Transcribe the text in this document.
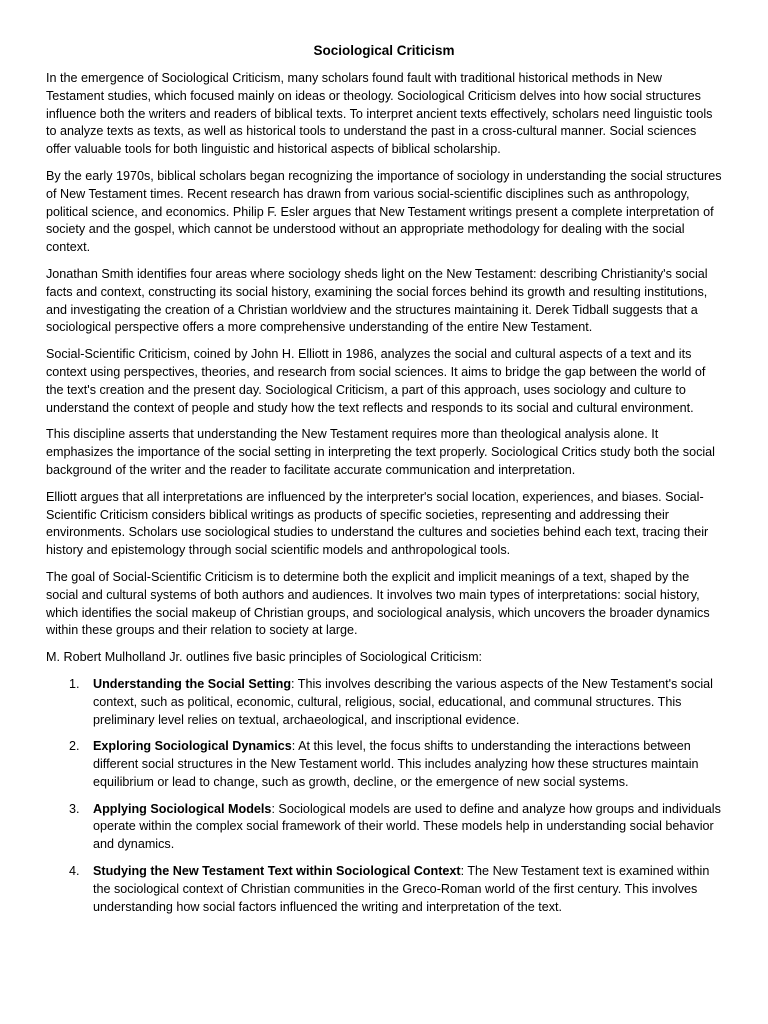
Sociological Criticism

In the emergence of Sociological Criticism, many scholars found fault with traditional historical methods in New Testament studies, which focused mainly on ideas or theology. Sociological Criticism delves into how social structures influence both the writers and readers of biblical texts. To interpret ancient texts effectively, scholars need linguistic tools to analyze texts as texts, as well as historical tools to understand the past in a cross-cultural manner. Social sciences offer valuable tools for both linguistic and historical aspects of biblical scholarship.

By the early 1970s, biblical scholars began recognizing the importance of sociology in understanding the social structures of New Testament times. Recent research has drawn from various social-scientific disciplines such as anthropology, political science, and economics. Philip F. Esler argues that New Testament writings present a complete interpretation of society and the gospel, which cannot be understood without an appropriate methodology for dealing with the social context.

Jonathan Smith identifies four areas where sociology sheds light on the New Testament: describing Christianity's social facts and context, constructing its social history, examining the social forces behind its growth and resulting institutions, and investigating the creation of a Christian worldview and the structures maintaining it. Derek Tidball suggests that a sociological perspective offers a more comprehensive understanding of the entire New Testament.

Social-Scientific Criticism, coined by John H. Elliott in 1986, analyzes the social and cultural aspects of a text and its context using perspectives, theories, and research from social sciences. It aims to bridge the gap between the world of the text's creation and the present day. Sociological Criticism, a part of this approach, uses sociology and culture to understand the context of people and study how the text reflects and responds to its social and cultural environment.

This discipline asserts that understanding the New Testament requires more than theological analysis alone. It emphasizes the importance of the social setting in interpreting the text properly. Sociological Critics study both the social background of the writer and the reader to facilitate accurate communication and interpretation.

Elliott argues that all interpretations are influenced by the interpreter's social location, experiences, and biases. Social-Scientific Criticism considers biblical writings as products of specific societies, representing and addressing their environments. Scholars use sociological studies to understand the cultures and societies behind each text, tracing their history and epistemology through social scientific models and anthropological tools.

The goal of Social-Scientific Criticism is to determine both the explicit and implicit meanings of a text, shaped by the social and cultural systems of both authors and audiences. It involves two main types of interpretations: social history, which identifies the social makeup of Christian groups, and sociological analysis, which uncovers the broader dynamics within these groups and their relation to society at large.

M. Robert Mulholland Jr. outlines five basic principles of Sociological Criticism:

1. Understanding the Social Setting: This involves describing the various aspects of the New Testament's social context, such as political, economic, cultural, religious, social, educational, and communal structures. This preliminary level relies on textual, archaeological, and inscriptional evidence.
2. Exploring Sociological Dynamics: At this level, the focus shifts to understanding the interactions between different social structures in the New Testament world. This includes analyzing how these structures maintain equilibrium or lead to change, such as growth, decline, or the emergence of new social systems.
3. Applying Sociological Models: Sociological models are used to define and analyze how groups and individuals operate within the complex social framework of their world. These models help in understanding social behavior and dynamics.
4. Studying the New Testament Text within Sociological Context: The New Testament text is examined within the sociological context of Christian communities in the Greco-Roman world of the first century. This involves understanding how social factors influenced the writing and interpretation of the text.
